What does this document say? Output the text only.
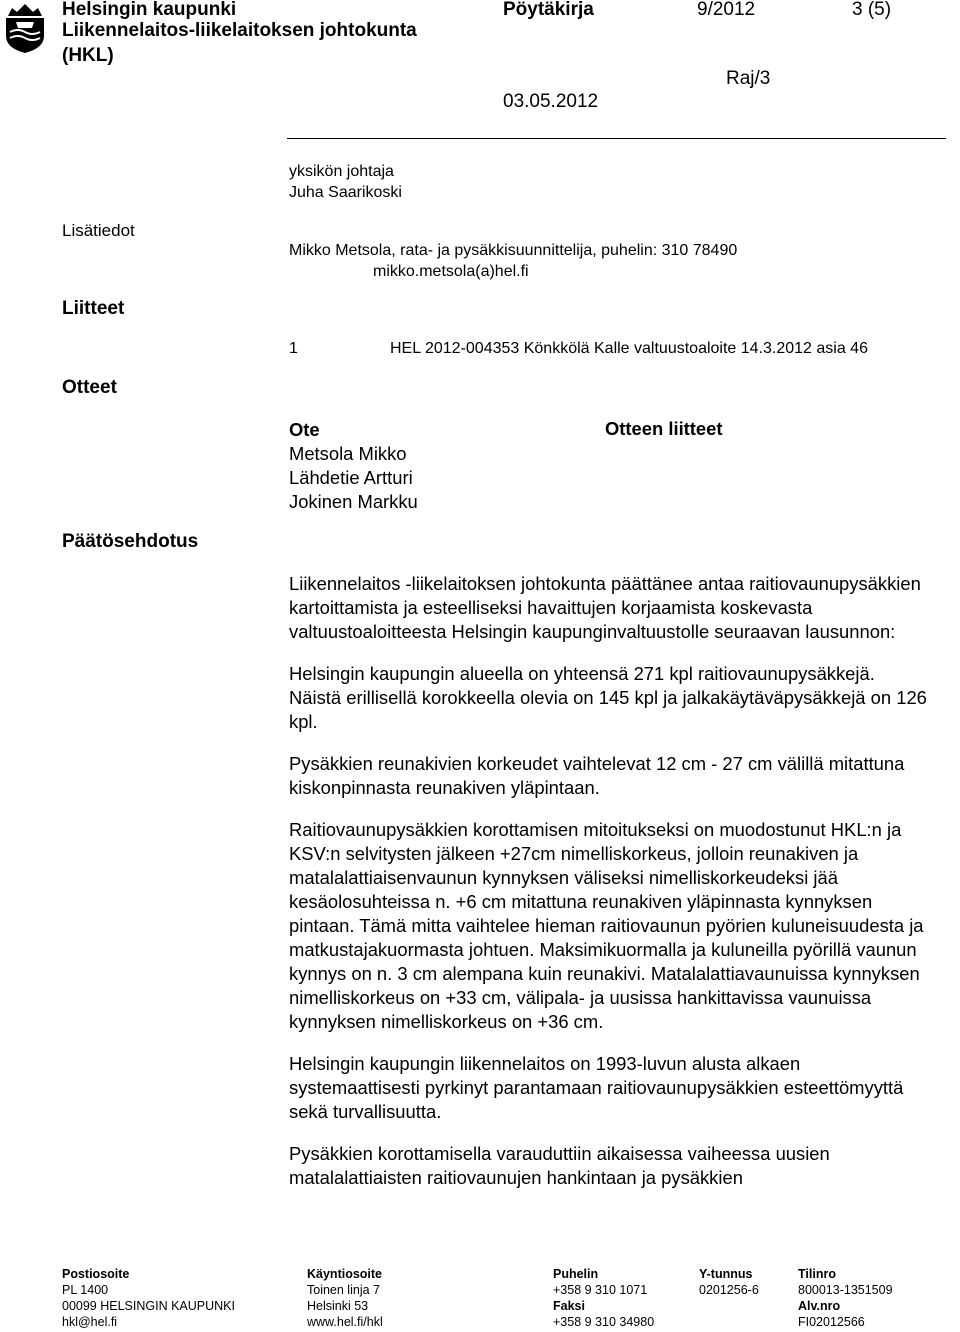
Helsingin kaupunki
Liikennelaitos-liikelaitoksen johtokunta
(HKL)
Pöytäkirja	9/2012	3 (5)
Raj/3
03.05.2012
yksikön johtaja
Juha Saarikoski
Lisätiedot
Mikko Metsola, rata- ja pysäkkisuunnittelija, puhelin: 310 78490
mikko.metsola(a)hel.fi
Liitteet
1	HEL 2012-004353 Könkkölä Kalle valtuustoaloite 14.3.2012 asia 46
Otteet
Ote
Metsola Mikko
Lähdetie Artturi
Jokinen Markku
Otteen liitteet
Päätösehdotus

Liikennelaitos -liikelaitoksen johtokunta päättänee antaa raitiovaunupysäkkien kartoittamista ja esteelliseksi havaittujen korjaamista koskevasta valtuustoaloitteesta Helsingin kaupunginvaltuustolle seuraavan lausunnon:

Helsingin kaupungin alueella on yhteensä 271 kpl raitiovaunupysäkkejä. Näistä erillisellä korokkeella olevia on 145 kpl ja jalkakäytäväpysäkkejä on 126 kpl.

Pysäkkien reunakivien korkeudet vaihtelevat 12 cm - 27 cm välillä mitattuna kiskonpinnasta reunakiven yläpintaan.

Raitiovaunupysäkkien korottamisen mitoitukseksi on muodostunut HKL:n ja KSV:n selvitysten jälkeen +27cm nimelliskorkeus, jolloin reunakiven ja matalalattiaisenvaunun kynnyksen väliseksi nimelliskorkeudeksi jää kesäolosuhteissa n. +6 cm mitattuna reunakiven yläpinnasta kynnyksen pintaan. Tämä mitta vaihtelee hieman raitiovaunun pyörien kuluneisuudesta ja matkustajakuormasta johtuen. Maksimikuormalla ja kuluneilla pyörillä vaunun kynnys on n. 3 cm alempana kuin reunakivi. Matalalattiavaunuissa kynnyksen nimelliskorkeus on +33 cm, välipala- ja uusissa hankittavissa vaunuissa kynnyksen nimelliskorkeus on +36 cm.

Helsingin kaupungin liikennelaitos on 1993-luvun alusta alkaen systemaattisesti pyrkinyt parantamaan raitiovaunupysäkkien esteettömyyttä sekä turvallisuutta.

Pysäkkien korottamisella varauduttiin aikaisessa vaiheessa uusien matalalattiaisten raitiovaunujen hankintaan ja pysäkkien

Postiosoite
PL 1400
00099 HELSINGIN KAUPUNKI
hkl@hel.fi
Käyntiosoite
Toinen linja 7
Helsinki 53
www.hel.fi/hkl
Puhelin
+358 9 310 1071
Faksi
+358 9 310 34980
Y-tunnus
0201256-6
Tilinro
800013-1351509
Alv.nro
FI02012566
